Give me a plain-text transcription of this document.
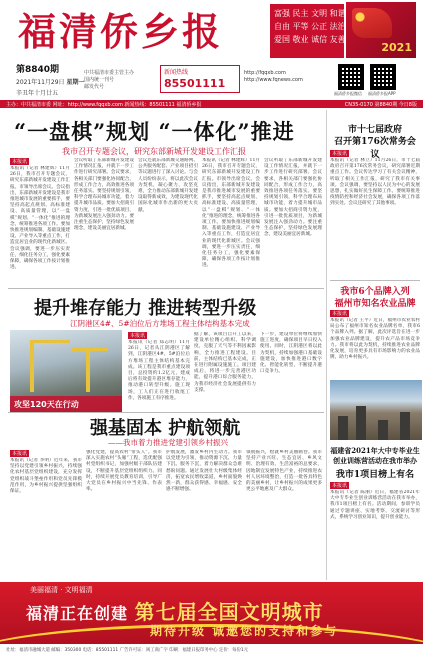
福清侨乡报	富强 民主 文明 和谐
自由 平等 公正 法治
爱国 敬业 诚信 友善
2021
第8840期
2021年11月29日 星期一
辛丑年十月廿五
中共福清市委主管主办
国内统一刊号
邮发代号
新闻热线
85501111
http://fqqxb.com
http://www.fqnews.com
福清侨乡报微信 福清侨乡报APP
主办：中共福清市委 网址：http://www.fqqxb.com 新闻热线：85501111 福清侨乡报	CN35-0170 第8840期 今日8版
“一盘棋”规划 “一体化”推进
我市召开专题会议，研究东部新城开发建设工作汇报
本报讯
本报讯（记者 林建辉）11月26日，我市召开专题会议，研究东部新城开发建设工作汇报。市领导出席会议。会议指出，东部新城开发建设是我市推进城市发展的重要抓手，要坚持高起点规划、高标准建设、高质量管理，以“一盘棋”规划、“一体化”推进的理念，统筹推进各项工作。要加快推进规划编制、基础设施建设、产业导入等重点工作，打造宜居宜业的现代化新城区。会议强调，要进一步压实责任，细化任务分工，强化要素保障，确保各项工作按计划推进。
会议听取了东部新城开发建设工作情况汇报，并就下一步工作进行研究部署。会议要求，各相关部门要强化协同配合，形成工作合力，高效推进各项任务落实。要坚持规划引领，科学合理布局城市功能，着力提升城市品质。要加大招商引资力度，引进一批优质项目，为新城发展注入强劲动力。要注重生态保护，坚持绿色发展理念，建设美丽宜居新城。
会议还就东部新城交通路网、公共服务配套、产业项目招引等议题进行了深入讨论。与会人员纷纷表示，将以此次会议为契机，凝心聚力、攻坚克难，全力推动东部新城开发建设取得新成效，为建设现代化国际化城市作出新的更大贡献。
本报讯（记者 林建辉）11月26日，我市召开专题会议，研究东部新城开发建设工作汇报。市领导出席会议。会议指出，东部新城开发建设是我市推进城市发展的重要抓手，要坚持高起点规划、高标准建设、高质量管理，以“一盘棋”规划、“一体化”推进的理念，统筹推进各项工作。要加快推进规划编制、基础设施建设、产业导入等重点工作，打造宜居宜业的现代化新城区。会议强调，要进一步压实责任，细化任务分工，强化要素保障，确保各项工作按计划推进。
会议听取了东部新城开发建设工作情况汇报，并就下一步工作进行研究部署。会议要求，各相关部门要强化协同配合，形成工作合力，高效推进各项任务落实。要坚持规划引领，科学合理布局城市功能，着力提升城市品质。要加大招商引资力度，引进一批优质项目，为新城发展注入强劲动力。要注重生态保护，坚持绿色发展理念，建设美丽宜居新城。
市十七届政府
召开第176次常务会议
本报讯
本报讯（记者 林立）11月26日，市十七届政府召开第176次常务会议，研究部署近期重点工作。会议传达学习了有关会议精神，听取了相关工作汇报，研究了我市有关事项。会议强调，要坚持以人民为中心的发展思想，扎实做好民生保障工作。要统筹推进疫情防控和经济社会发展，确保各项工作落到实处。会议还研究了其他事项。
我市6个品牌入列
福州市知名农业品牌
本报讯
本报讯（记者 王平）近日，福州市农业农村局公布了福州市知名农业品牌名单，我市6个品牌入列。据了解，此次评选旨在进一步加强农业品牌建设，提升农产品市场竞争力。我市将以此为契机，持续推进农业品牌化发展，培育更多具有市场影响力的农业品牌，助力乡村振兴。
福建省2021年大中专毕业生
创业训练营活动在我市举办
我市1项目榜上有名
本报讯
本报讯（记者 陈丽）近日，福建省2021年大中专毕业生创业训练营活动在我市举办，我市1项目榜上有名。活动期间，参训学员通过专题讲座、实地考察、交流研讨等形式，系统学习创业知识，提升创业能力。
提升堆存能力 推进转型升级
江阴港区4#、5#泊位后方堆场工程主体结构基本完成
攻坚120天在行动
本报讯
本报讯（记者 郑志明）11月26日，记者从江阴港区了解到，江阴港区4#、5#泊位后方堆场工程主体结构基本完成。该工程是我市重点建设项目，总投资约1.2亿元，建成后将有效提升港区堆存能力，推动港口转型升级。施工现场，工人们正在进行收尾工作，各项施工有序推进。
据了解，该项目自开工以来，建设单位精心组织、科学调度，克服了天气等不利因素影响，全力推进工程建设。目前，主体结构已基本完成，正在进行附属设施施工。项目建成后，将进一步完善港区功能，提升港口综合服务能力，为我市经济社会发展提供有力支撑。
下一步，建设单位将继续加快施工进度，确保项目早日投入使用。同时，江阴港区将以此为契机，持续加强港口基础设施建设，加快推进港口数字化、智能化转型，不断提升港口竞争力。
强基固本 护航领航
——我市着力推进党建引领乡村振兴
本报讯
本报讯（记者 李明）近年来，我市坚持以党建引领乡村振兴，持续强化农村基层党组织建设，充分发挥党组织战斗堡垒作用和党员先锋模范作用，为乡村振兴提供坚强组织保证。
强化党建，提高农村“带头人”。我市深入实施农村“头雁”工程，选优配强村党组织书记，加强村级干部队伍建设，不断提升基层党组织组织力。同时，持续开展党员教育培训，引导广大党员在乡村振兴中当先锋、作表率。
护航发展，激发乡村内生动力。我市以党建为引领，推动资源下沉、力量下沉、服务下沉，着力解决群众急难愁盼问题。通过发展壮大村级集体经济，拓宽农民增收渠道，乡村面貌焕然一新，群众获得感、幸福感、安全感不断增强。
领航振兴，绘就乡村美丽画卷。我市坚持产业兴旺、生态宜居、乡风文明、治理有效、生活富裕的总要求，因地制宜发展特色产业，持续推进农村人居环境整治，打造一批各具特色的美丽乡村，让乡村振兴的成果更多更公平地惠及广大群众。
美丽福清 · 文明福清
福清正在创建 第七届全国文明城市
期待升级 诚邀您的支持和参与
社址：福清市融城大道 邮编：350300 电话：85501111 广告许可证：闽工商广字 印刷：福建日报印务中心 定价：每份1元
